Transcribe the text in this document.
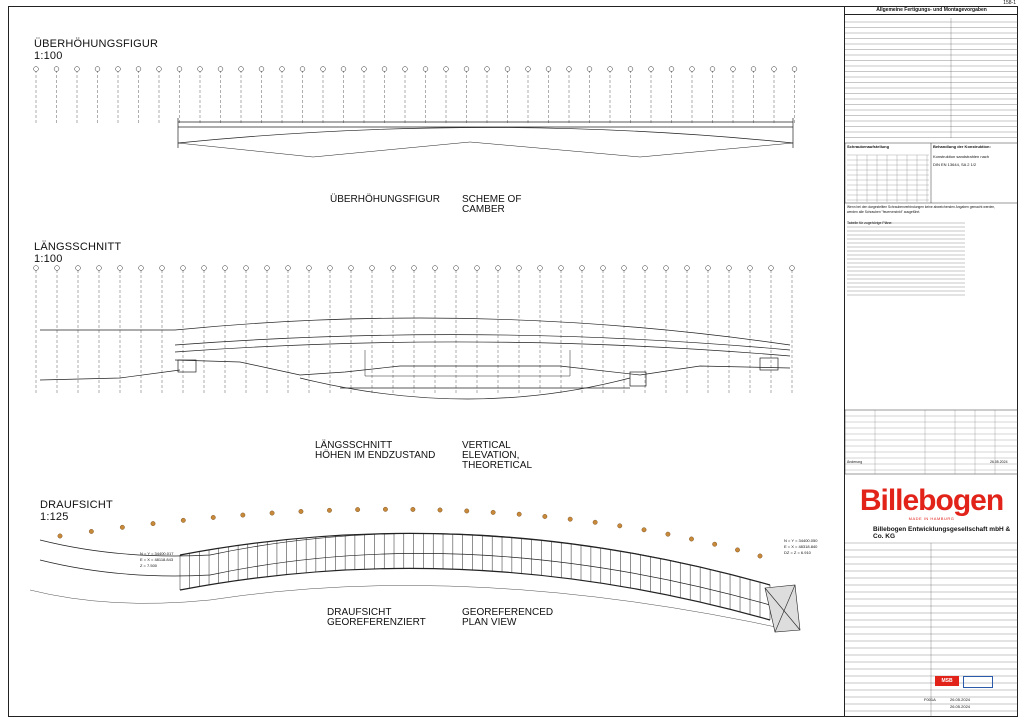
158-1
ÜBERHÖHUNGSFIGUR
1:100
LÄNGSSCHNITT
1:100
DRAUFSICHT
1:125
ÜBERHÖHUNGSFIGUR SCHEME OF
CAMBER
LÄNGSSCHNITT
HÖHEN IM ENDZUSTAND
VERTICAL
ELEVATION,
THEORETICAL
DRAUFSICHT
GEOREFERENZIERT
GEOREFERENCED
PLAN VIEW
N = Y = 34400.017
E = X = 48118.843
Z = 7.500
N = Y = 34400.050
E = X = 48318.840
DZ = Z = 6.910
Allgemeine Fertigungs- und Montagevorgaben
Schraubenaufstellung	Behandlung der Konstruktion:
Konstruktion sandstrahlen nach
DIN EN 13644, SA 2 1/2
Wenn bei den dargestellten Schraubenverbindungen keine abweichenden Angaben gemacht werden,
werden alle Schrauben "feuerverzinkt" ausgeführt.
Tabelle für zugehörige Pläne:
Änderung	26.05.2024
Billebogen
MADE IN HAMBURG
Billebogen Entwicklungsgesellschaft mbH & Co. KG
MSB
26.05.2024
26.05.2024
F001A
